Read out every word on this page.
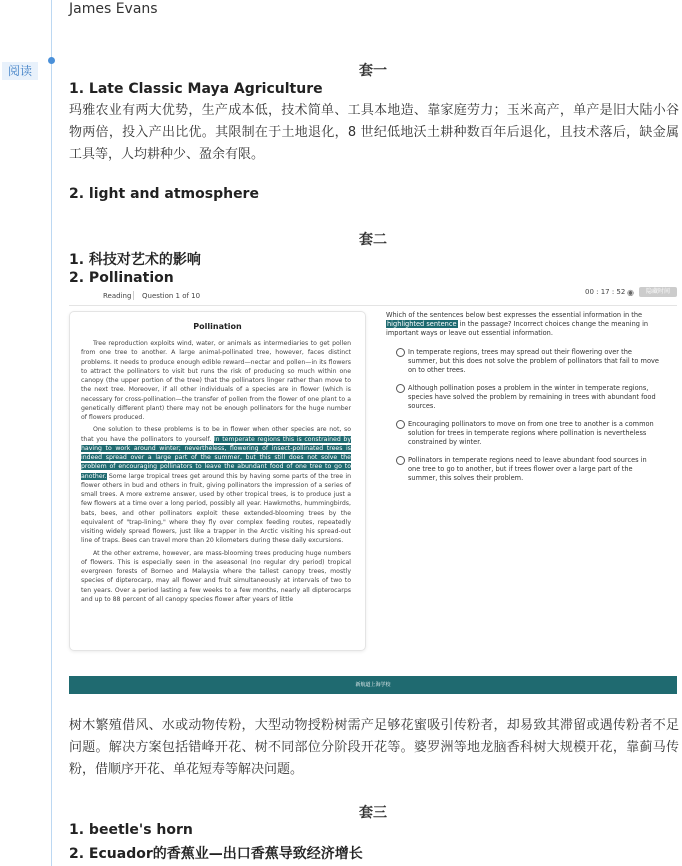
阅读
James Evans
套一
1. Late Classic Maya Agriculture
玛雅农业有两大优势，生产成本低，技术简单、工具本地造、靠家庭劳力；玉米高产，单产是旧大陆小谷物两倍，投入产出比优。其限制在于土地退化，8 世纪低地沃土耕种数百年后退化，且技术落后，缺金属工具等，人均耕种少、盈余有限。
2. light and atmosphere
套二
1. 科技对艺术的影响
2. Pollination
Reading Question 1 of 10	00 : 17 : 52 ◉	隐藏时间
Pollination

Tree reproduction exploits wind, water, or animals as intermediaries to get pollen from one tree to another. A large animal-pollinated tree, however, faces distinct problems. It needs to produce enough edible reward—nectar and pollen—in its flowers to attract the pollinators to visit but runs the risk of producing so much within one canopy (the upper portion of the tree) that the pollinators linger rather than move to the next tree. Moreover, if all other individuals of a species are in flower (which is necessary for cross-pollination—the transfer of pollen from the flower of one plant to a genetically different plant) there may not be enough pollinators for the huge number of flowers produced.

One solution to these problems is to be in flower when other species are not, so that you have the pollinators to yourself. In temperate regions this is constrained by having to work around winter; nevertheless, flowering of insect-pollinated trees is indeed spread over a large part of the summer, but this still does not solve the problem of encouraging pollinators to leave the abundant food of one tree to go to another. Some large tropical trees get around this by having some parts of the tree in flower others in bud and others in fruit, giving pollinators the impression of a series of small trees. A more extreme answer, used by other tropical trees, is to produce just a few flowers at a time over a long period, possibly all year. Hawkmoths, hummingbirds, bats, bees, and other pollinators exploit these extended-blooming trees by the equivalent of "trap-lining," where they fly over complex feeding routes, repeatedly visiting widely spread flowers, just like a trapper in the Arctic visiting his spread-out line of traps. Bees can travel more than 20 kilometers during these daily excursions.

At the other extreme, however, are mass-blooming trees producing huge numbers of flowers. This is especially seen in the aseasonal (no regular dry period) tropical evergreen forests of Borneo and Malaysia where the tallest canopy trees, mostly species of dipterocarp, may all flower and fruit simultaneously at intervals of two to ten years. Over a period lasting a few weeks to a few months, nearly all dipterocarps and up to 88 percent of all canopy species flower after years of little

Which of the sentences below best expresses the essential information in the highlighted sentence in the passage? Incorrect choices change the meaning in important ways or leave out essential information.

In temperate regions, trees may spread out their flowering over the summer, but this does not solve the problem of pollinators that fail to move on to other trees.
Although pollination poses a problem in the winter in temperate regions, species have solved the problem by remaining in trees with abundant food sources.
Encouraging pollinators to move on from one tree to another is a common solution for trees in temperate regions where pollination is nevertheless constrained by winter.
Pollinators in temperate regions need to leave abundant food sources in one tree to go to another, but if trees flower over a large part of the summer, this solves their problem.
新航道上海学校
树木繁殖借风、水或动物传粉，大型动物授粉树需产足够花蜜吸引传粉者，却易致其滞留或遇传粉者不足问题。解决方案包括错峰开花、树不同部位分阶段开花等。婆罗洲等地龙脑香科树大规模开花，靠蓟马传粉，借顺序开花、单花短寿等解决问题。
套三
1. beetle's horn
2. Ecuador的香蕉业—出口香蕉导致经济增长
